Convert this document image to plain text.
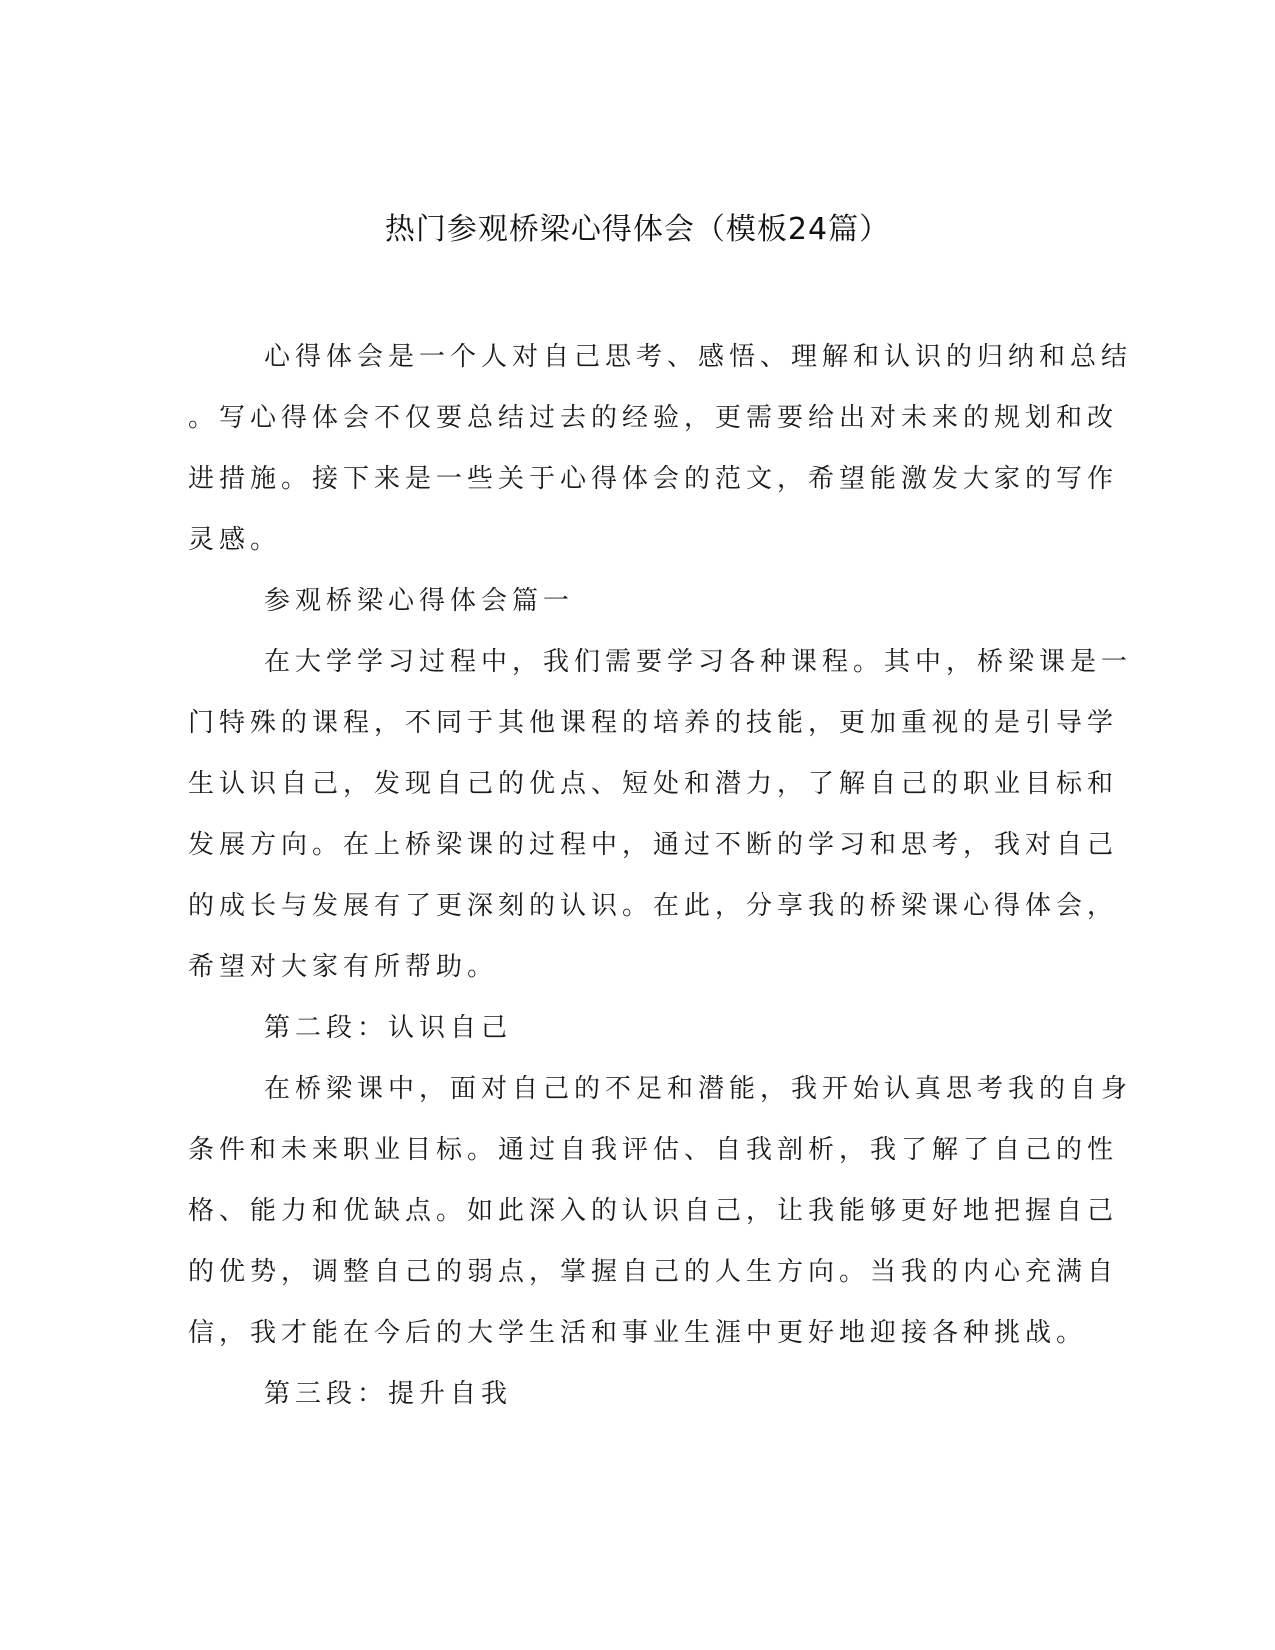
热门参观桥梁心得体会（模板24篇）
心得体会是一个人对自己思考、感悟、理解和认识的归纳和总结
。写心得体会不仅要总结过去的经验，更需要给出对未来的规划和改
进措施。接下来是一些关于心得体会的范文，希望能激发大家的写作
灵感。
参观桥梁心得体会篇一
在大学学习过程中，我们需要学习各种课程。其中，桥梁课是一
门特殊的课程，不同于其他课程的培养的技能，更加重视的是引导学
生认识自己，发现自己的优点、短处和潜力，了解自己的职业目标和
发展方向。在上桥梁课的过程中，通过不断的学习和思考，我对自己
的成长与发展有了更深刻的认识。在此，分享我的桥梁课心得体会，
希望对大家有所帮助。
第二段：认识自己
在桥梁课中，面对自己的不足和潜能，我开始认真思考我的自身
条件和未来职业目标。通过自我评估、自我剖析，我了解了自己的性
格、能力和优缺点。如此深入的认识自己，让我能够更好地把握自己
的优势，调整自己的弱点，掌握自己的人生方向。当我的内心充满自
信，我才能在今后的大学生活和事业生涯中更好地迎接各种挑战。
第三段：提升自我
